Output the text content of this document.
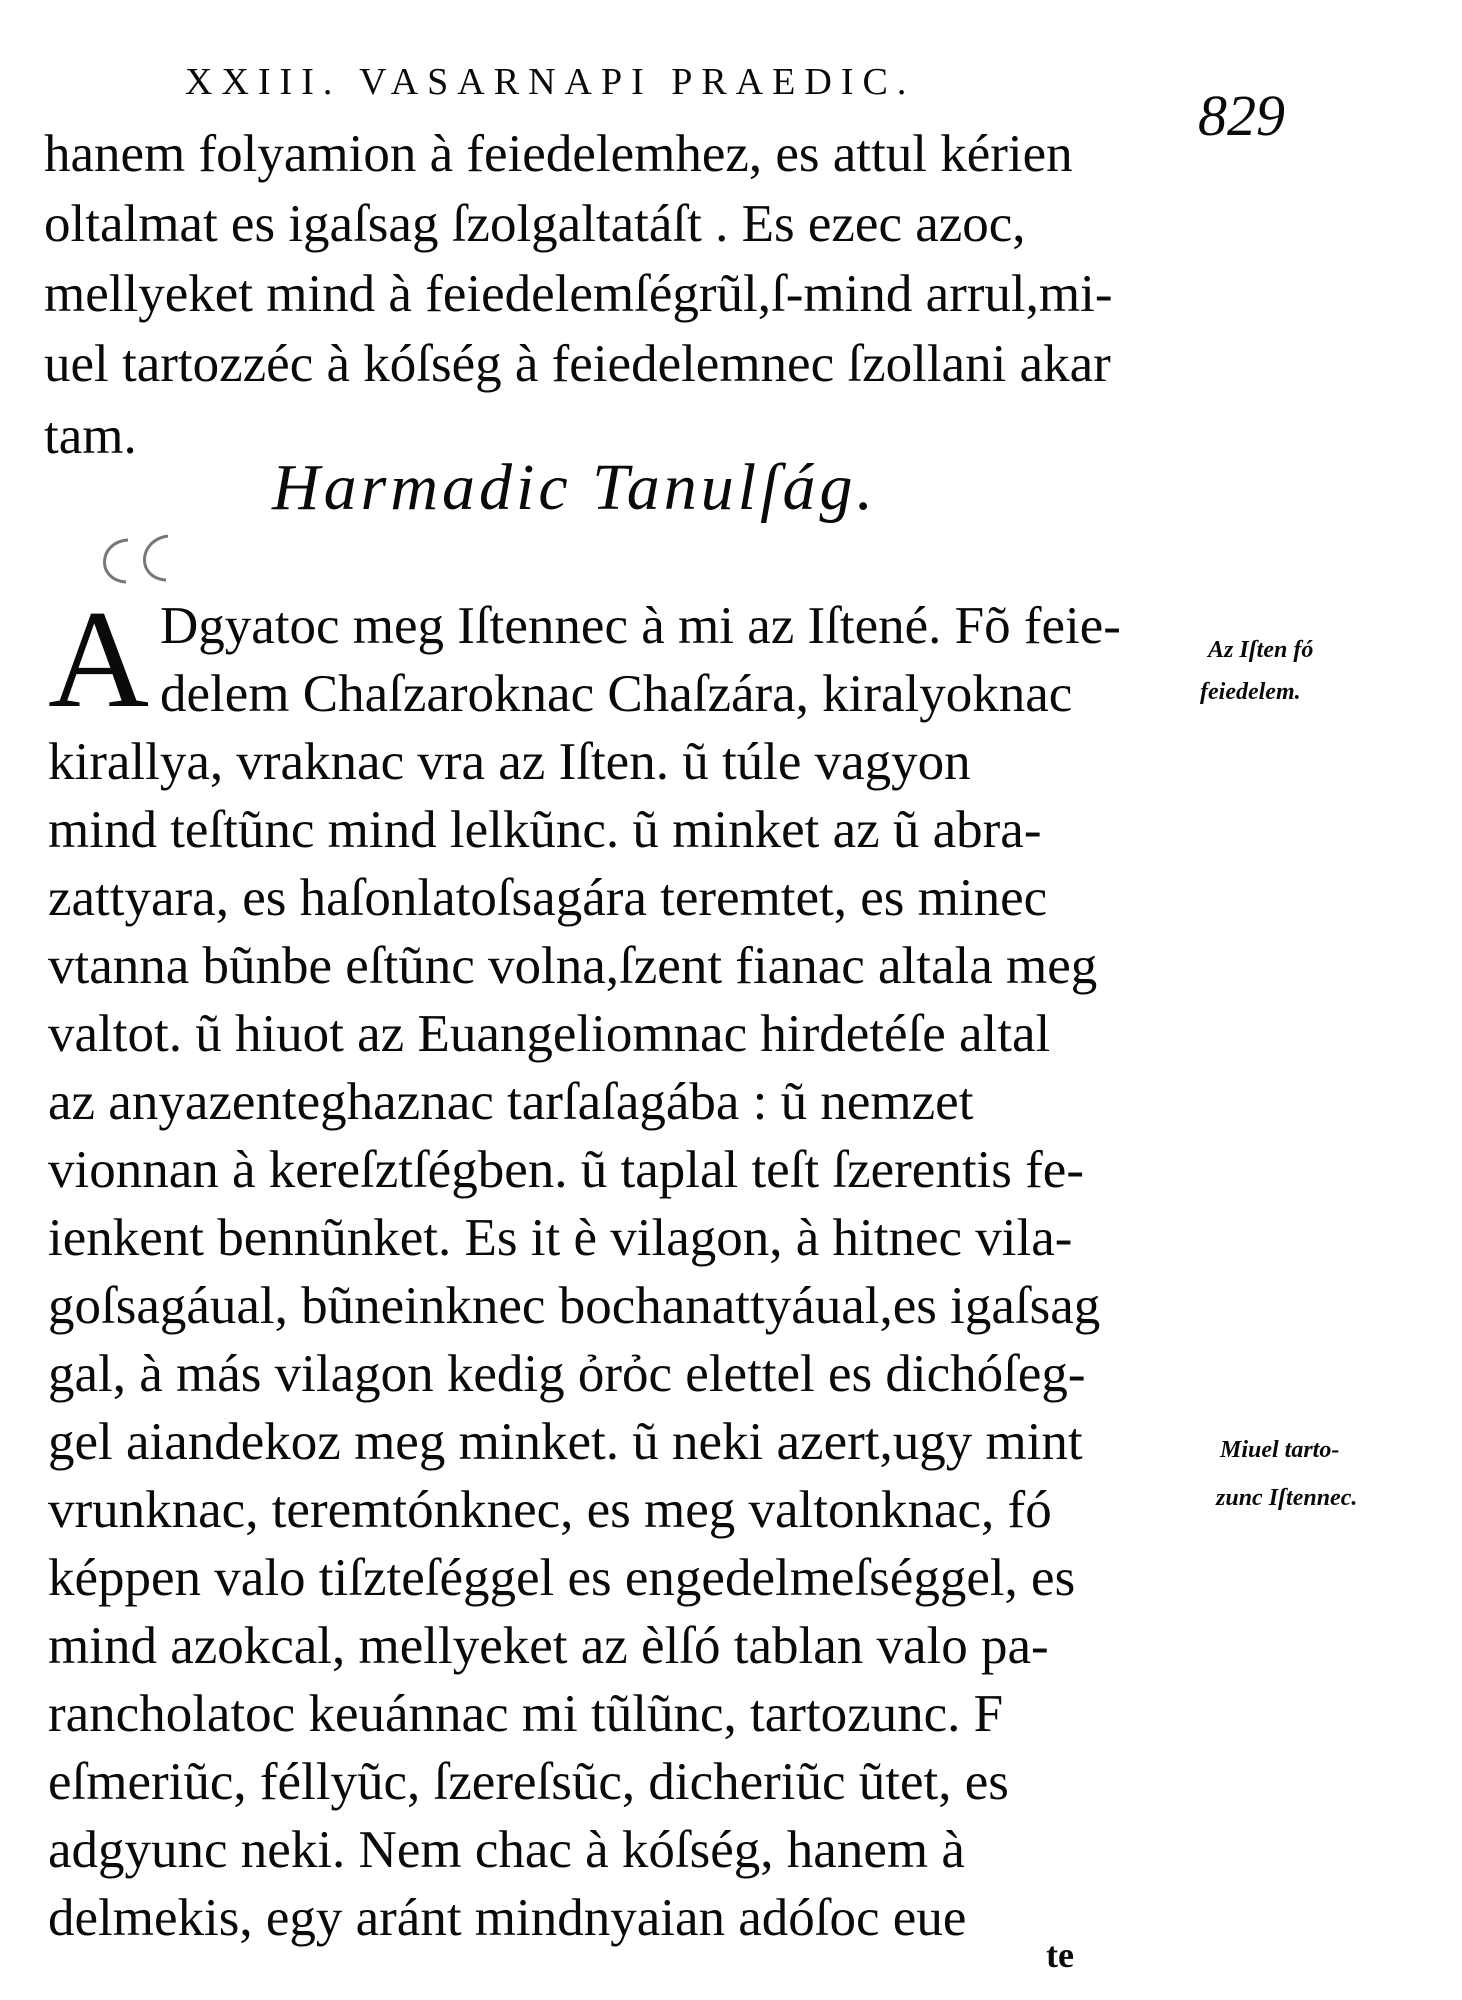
XXIII. VASARNAPI PRAEDIC.
829
hanem folyamion à feiedelemhez, es attul kérien
oltalmat es igaſsag ſzolgaltatáſt . Es ezec azoc,
mellyeket mind à feiedelemſégrũl,ſ-mind arrul,mi-
uel tartozzéc à kóſség à feiedelemnec ſzollani akar
tam.
Harmadic Tanulſág.
A Dgyatoc meg Iſtennec à mi az Iſtené. Fõ feie-
delem Chaſzaroknac Chaſzára, kiralyoknac
kirallya, vraknac vra az Iſten. ũ túle vagyon
mind teſtũnc mind lelkũnc. ũ minket az ũ abra-
zattyara, es haſonlatoſsagára teremtet, es minec
vtanna bũnbe eſtũnc volna,ſzent fianac altala meg
valtot. ũ hiuot az Euangeliomnac hirdetéſe altal
az anyazenteghaznac tarſaſagába : ũ nemzet
vionnan à kereſztſégben. ũ taplal teſt ſzerentis fe-
ienkent bennũnket. Es it è vilagon, à hitnec vila-
goſsagáual, bũneinknec bochanattyáual,es igaſsag
gal, à más vilagon kedig ỏrỏc elettel es dichóſeg-
gel aiandekoz meg minket. ũ neki azert,ugy mint
vrunknac, teremtónknec, es meg valtonknac, fó
képpen valo tiſzteſéggel es engedelmeſséggel, es
mind azokcal, mellyeket az èlſó tablan valo pa-
rancholatoc keuánnac mi tũlũnc, tartozunc. F
eſmeriũc, féllyũc, ſzereſsũc, dicheriũc ũtet, es
adgyunc neki. Nem chac à kóſség, hanem à
delmekis, egy aránt mindnyaian adóſoc eue
Az Iſten fó
feiedelem.
Miuel tarto-
zunc Iſtennec.
te
